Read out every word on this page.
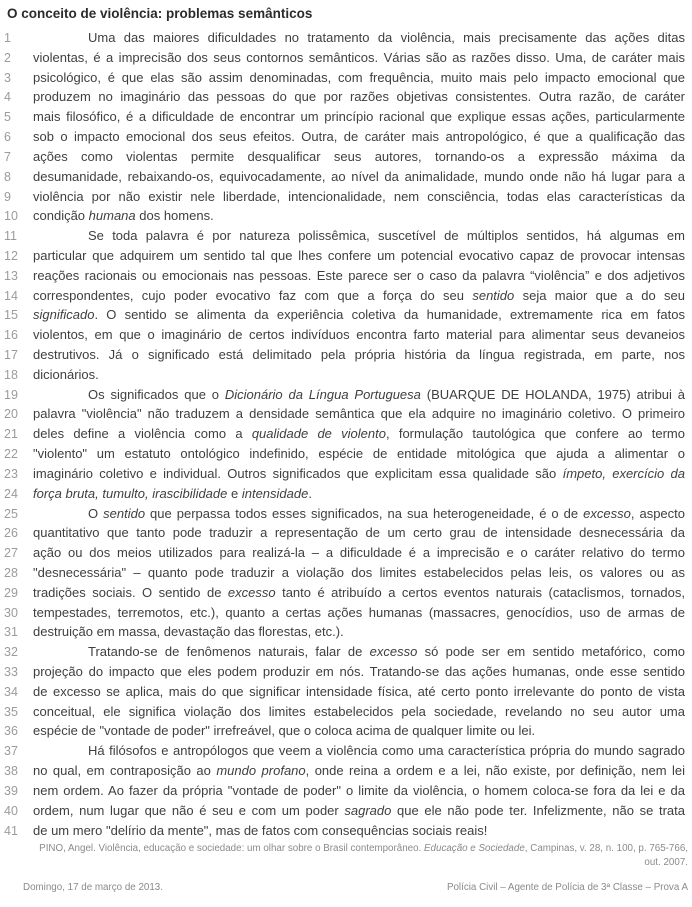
O conceito de violência: problemas semânticos
1	Uma das maiores dificuldades no tratamento da violência, mais precisamente das ações ditas
2	violentas, é a imprecisão dos seus contornos semânticos. Várias são as razões disso. Uma, de caráter mais
3	psicológico, é que elas são assim denominadas, com frequência, muito mais pelo impacto emocional que
4	produzem no imaginário das pessoas do que por razões objetivas consistentes. Outra razão, de caráter
5	mais filosófico, é a dificuldade de encontrar um princípio racional que explique essas ações, particularmente
6	sob o impacto emocional dos seus efeitos. Outra, de caráter mais antropológico, é que a qualificação das
7	ações como violentas permite desqualificar seus autores, tornando-os a expressão máxima da
8	desumanidade, rebaixando-os, equivocadamente, ao nível da animalidade, mundo onde não há lugar para a
9	violência por não existir nele liberdade, intencionalidade, nem consciência, todas elas características da
10	condição humana dos homens.
11	Se toda palavra é por natureza polissêmica, suscetível de múltiplos sentidos, há algumas em
12	particular que adquirem um sentido tal que lhes confere um potencial evocativo capaz de provocar intensas
13	reações racionais ou emocionais nas pessoas. Este parece ser o caso da palavra “violência” e dos adjetivos
14	correspondentes, cujo poder evocativo faz com que a força do seu sentido seja maior que a do seu
15	significado. O sentido se alimenta da experiência coletiva da humanidade, extremamente rica em fatos
16	violentos, em que o imaginário de certos indivíduos encontra farto material para alimentar seus devaneios
17	destrutivos. Já o significado está delimitado pela própria história da língua registrada, em parte, nos
18	dicionários.
19	Os significados que o Dicionário da Língua Portuguesa (BUARQUE DE HOLANDA, 1975) atribui à
20	palavra "violência" não traduzem a densidade semântica que ela adquire no imaginário coletivo. O primeiro
21	deles define a violência como a qualidade de violento, formulação tautológica que confere ao termo
22	"violento" um estatuto ontológico indefinido, espécie de entidade mitológica que ajuda a alimentar o
23	imaginário coletivo e individual. Outros significados que explicitam essa qualidade são ímpeto, exercício da
24	força bruta, tumulto, irascibilidade e intensidade.
25	O sentido que perpassa todos esses significados, na sua heterogeneidade, é o de excesso, aspecto
26	quantitativo que tanto pode traduzir a representação de um certo grau de intensidade desnecessária da
27	ação ou dos meios utilizados para realizá-la – a dificuldade é a imprecisão e o caráter relativo do termo
28	"desnecessária" – quanto pode traduzir a violação dos limites estabelecidos pelas leis, os valores ou as
29	tradições sociais. O sentido de excesso tanto é atribuído a certos eventos naturais (cataclismos, tornados,
30	tempestades, terremotos, etc.), quanto a certas ações humanas (massacres, genocídios, uso de armas de
31	destruição em massa, devastação das florestas, etc.).
32	Tratando-se de fenômenos naturais, falar de excesso só pode ser em sentido metafórico, como
33	projeção do impacto que eles podem produzir em nós. Tratando-se das ações humanas, onde esse sentido
34	de excesso se aplica, mais do que significar intensidade física, até certo ponto irrelevante do ponto de vista
35	conceitual, ele significa violação dos limites estabelecidos pela sociedade, revelando no seu autor uma
36	espécie de "vontade de poder" irrefreável, que o coloca acima de qualquer limite ou lei.
37	Há filósofos e antropólogos que veem a violência como uma característica própria do mundo sagrado
38	no qual, em contraposição ao mundo profano, onde reina a ordem e a lei, não existe, por definição, nem lei
39	nem ordem. Ao fazer da própria "vontade de poder" o limite da violência, o homem coloca-se fora da lei e da
40	ordem, num lugar que não é seu e com um poder sagrado que ele não pode ter. Infelizmente, não se trata
41	de um mero "delírio da mente", mas de fatos com consequências sociais reais!
PINO, Angel. Violência, educação e sociedade: um olhar sobre o Brasil contemporâneo. Educação e Sociedade, Campinas, v. 28, n. 100, p. 765-766,
out. 2007.
Domingo, 17 de março de 2013.	Polícia Civil – Agente de Polícia de 3ª Classe – Prova A
